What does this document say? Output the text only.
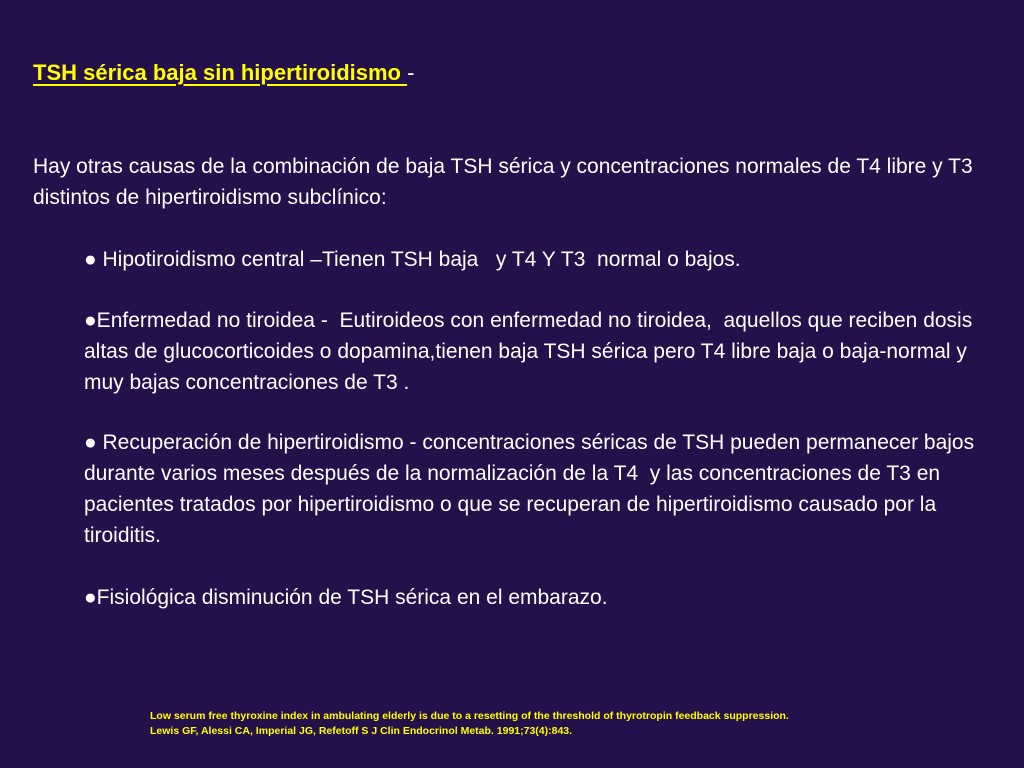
TSH sérica baja sin hipertiroidismo -
Hay otras causas de la combinación de baja TSH sérica y concentraciones normales de T4 libre y T3 distintos de hipertiroidismo subclínico:
● Hipotiroidismo central –Tienen TSH baja   y T4 Y T3  normal o bajos.
●Enfermedad no tiroidea -  Eutiroideos con enfermedad no tiroidea,  aquellos que reciben dosis altas de glucocorticoides o dopamina,tienen baja TSH sérica pero T4 libre baja o baja-normal y muy bajas concentraciones de T3 .
● Recuperación de hipertiroidismo - concentraciones séricas de TSH pueden permanecer bajos durante varios meses después de la normalización de la T4  y las concentraciones de T3 en pacientes tratados por hipertiroidismo o que se recuperan de hipertiroidismo causado por la tiroiditis.
●Fisiológica disminución de TSH sérica en el embarazo.
Low serum free thyroxine index in ambulating elderly is due to a resetting of the threshold of thyrotropin feedback suppression.
Lewis GF, Alessi CA, Imperial JG, Refetoff S J Clin Endocrinol Metab. 1991;73(4):843.
